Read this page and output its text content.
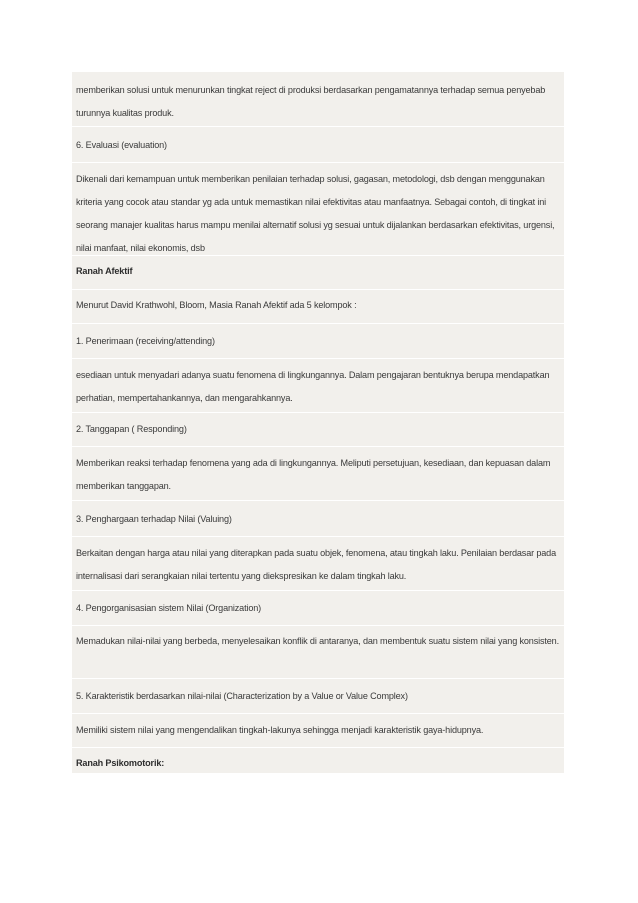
memberikan solusi untuk menurunkan tingkat reject di produksi berdasarkan pengamatannya terhadap semua penyebab turunnya kualitas produk.

6. Evaluasi (evaluation)

Dikenali dari kemampuan untuk memberikan penilaian terhadap solusi, gagasan, metodologi, dsb dengan menggunakan kriteria yang cocok atau standar yg ada untuk memastikan nilai efektivitas atau manfaatnya. Sebagai contoh, di tingkat ini seorang manajer kualitas harus mampu menilai alternatif solusi yg sesuai untuk dijalankan berdasarkan efektivitas, urgensi, nilai manfaat, nilai ekonomis, dsb

Ranah Afektif

Menurut David Krathwohl, Bloom, Masia Ranah Afektif ada 5 kelompok :

1. Penerimaan (receiving/attending)

esediaan untuk menyadari adanya suatu fenomena di lingkungannya. Dalam pengajaran bentuknya berupa mendapatkan perhatian, mempertahankannya, dan mengarahkannya.

2. Tanggapan ( Responding)

Memberikan reaksi terhadap fenomena yang ada di lingkungannya. Meliputi persetujuan, kesediaan, dan kepuasan dalam memberikan tanggapan.

3. Penghargaan terhadap Nilai (Valuing)

Berkaitan dengan harga atau nilai yang diterapkan pada suatu objek, fenomena, atau tingkah laku. Penilaian berdasar pada internalisasi dari serangkaian nilai tertentu yang diekspresikan ke dalam tingkah laku.

4. Pengorganisasian sistem Nilai (Organization)

Memadukan nilai-nilai yang berbeda, menyelesaikan konflik di antaranya, dan membentuk suatu sistem nilai yang konsisten.

5. Karakteristik berdasarkan nilai-nilai (Characterization by a Value or Value Complex)

Memiliki sistem nilai yang mengendalikan tingkah-lakunya sehingga menjadi karakteristik gaya-hidupnya.

Ranah Psikomotorik:
